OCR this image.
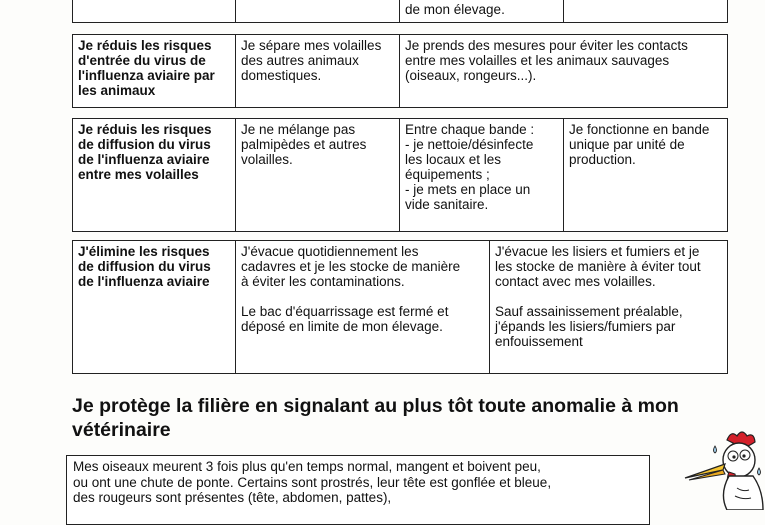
de mon élevage.

Je réduis les risques
d'entrée du virus de
l'influenza aviaire par
les animaux

Je sépare mes volailles
des autres animaux
domestiques.

Je prends des mesures pour éviter les contacts
entre mes volailles et les animaux sauvages
(oiseaux, rongeurs...).

Je réduis les risques
de diffusion du virus
de l'influenza aviaire
entre mes volailles

Je ne mélange pas
palmipèdes et autres
volailles.

Entre chaque bande :
- je nettoie/désinfecte
les locaux et les
équipements ;
- je mets en place un
vide sanitaire.

Je fonctionne en bande
unique par unité de
production.

J'élimine les risques
de diffusion du virus
de l'influenza aviaire

J'évacue quotidiennement les
cadavres et je les stocke de manière
à éviter les contaminations.

Le bac d'équarrissage est fermé et
déposé en limite de mon élevage.

J'évacue les lisiers et fumiers et je
les stocke de manière à éviter tout
contact avec mes volailles.

Sauf assainissement préalable,
j'épands les lisiers/fumiers par
enfouissement

Je protège la filière en signalant au plus tôt toute anomalie à mon vétérinaire

Mes oiseaux meurent 3 fois plus qu'en temps normal, mangent et boivent peu,

ou ont une chute de ponte. Certains sont prostrés, leur tête est gonflée et bleue,

des rougeurs sont présentes (tête, abdomen, pattes),
